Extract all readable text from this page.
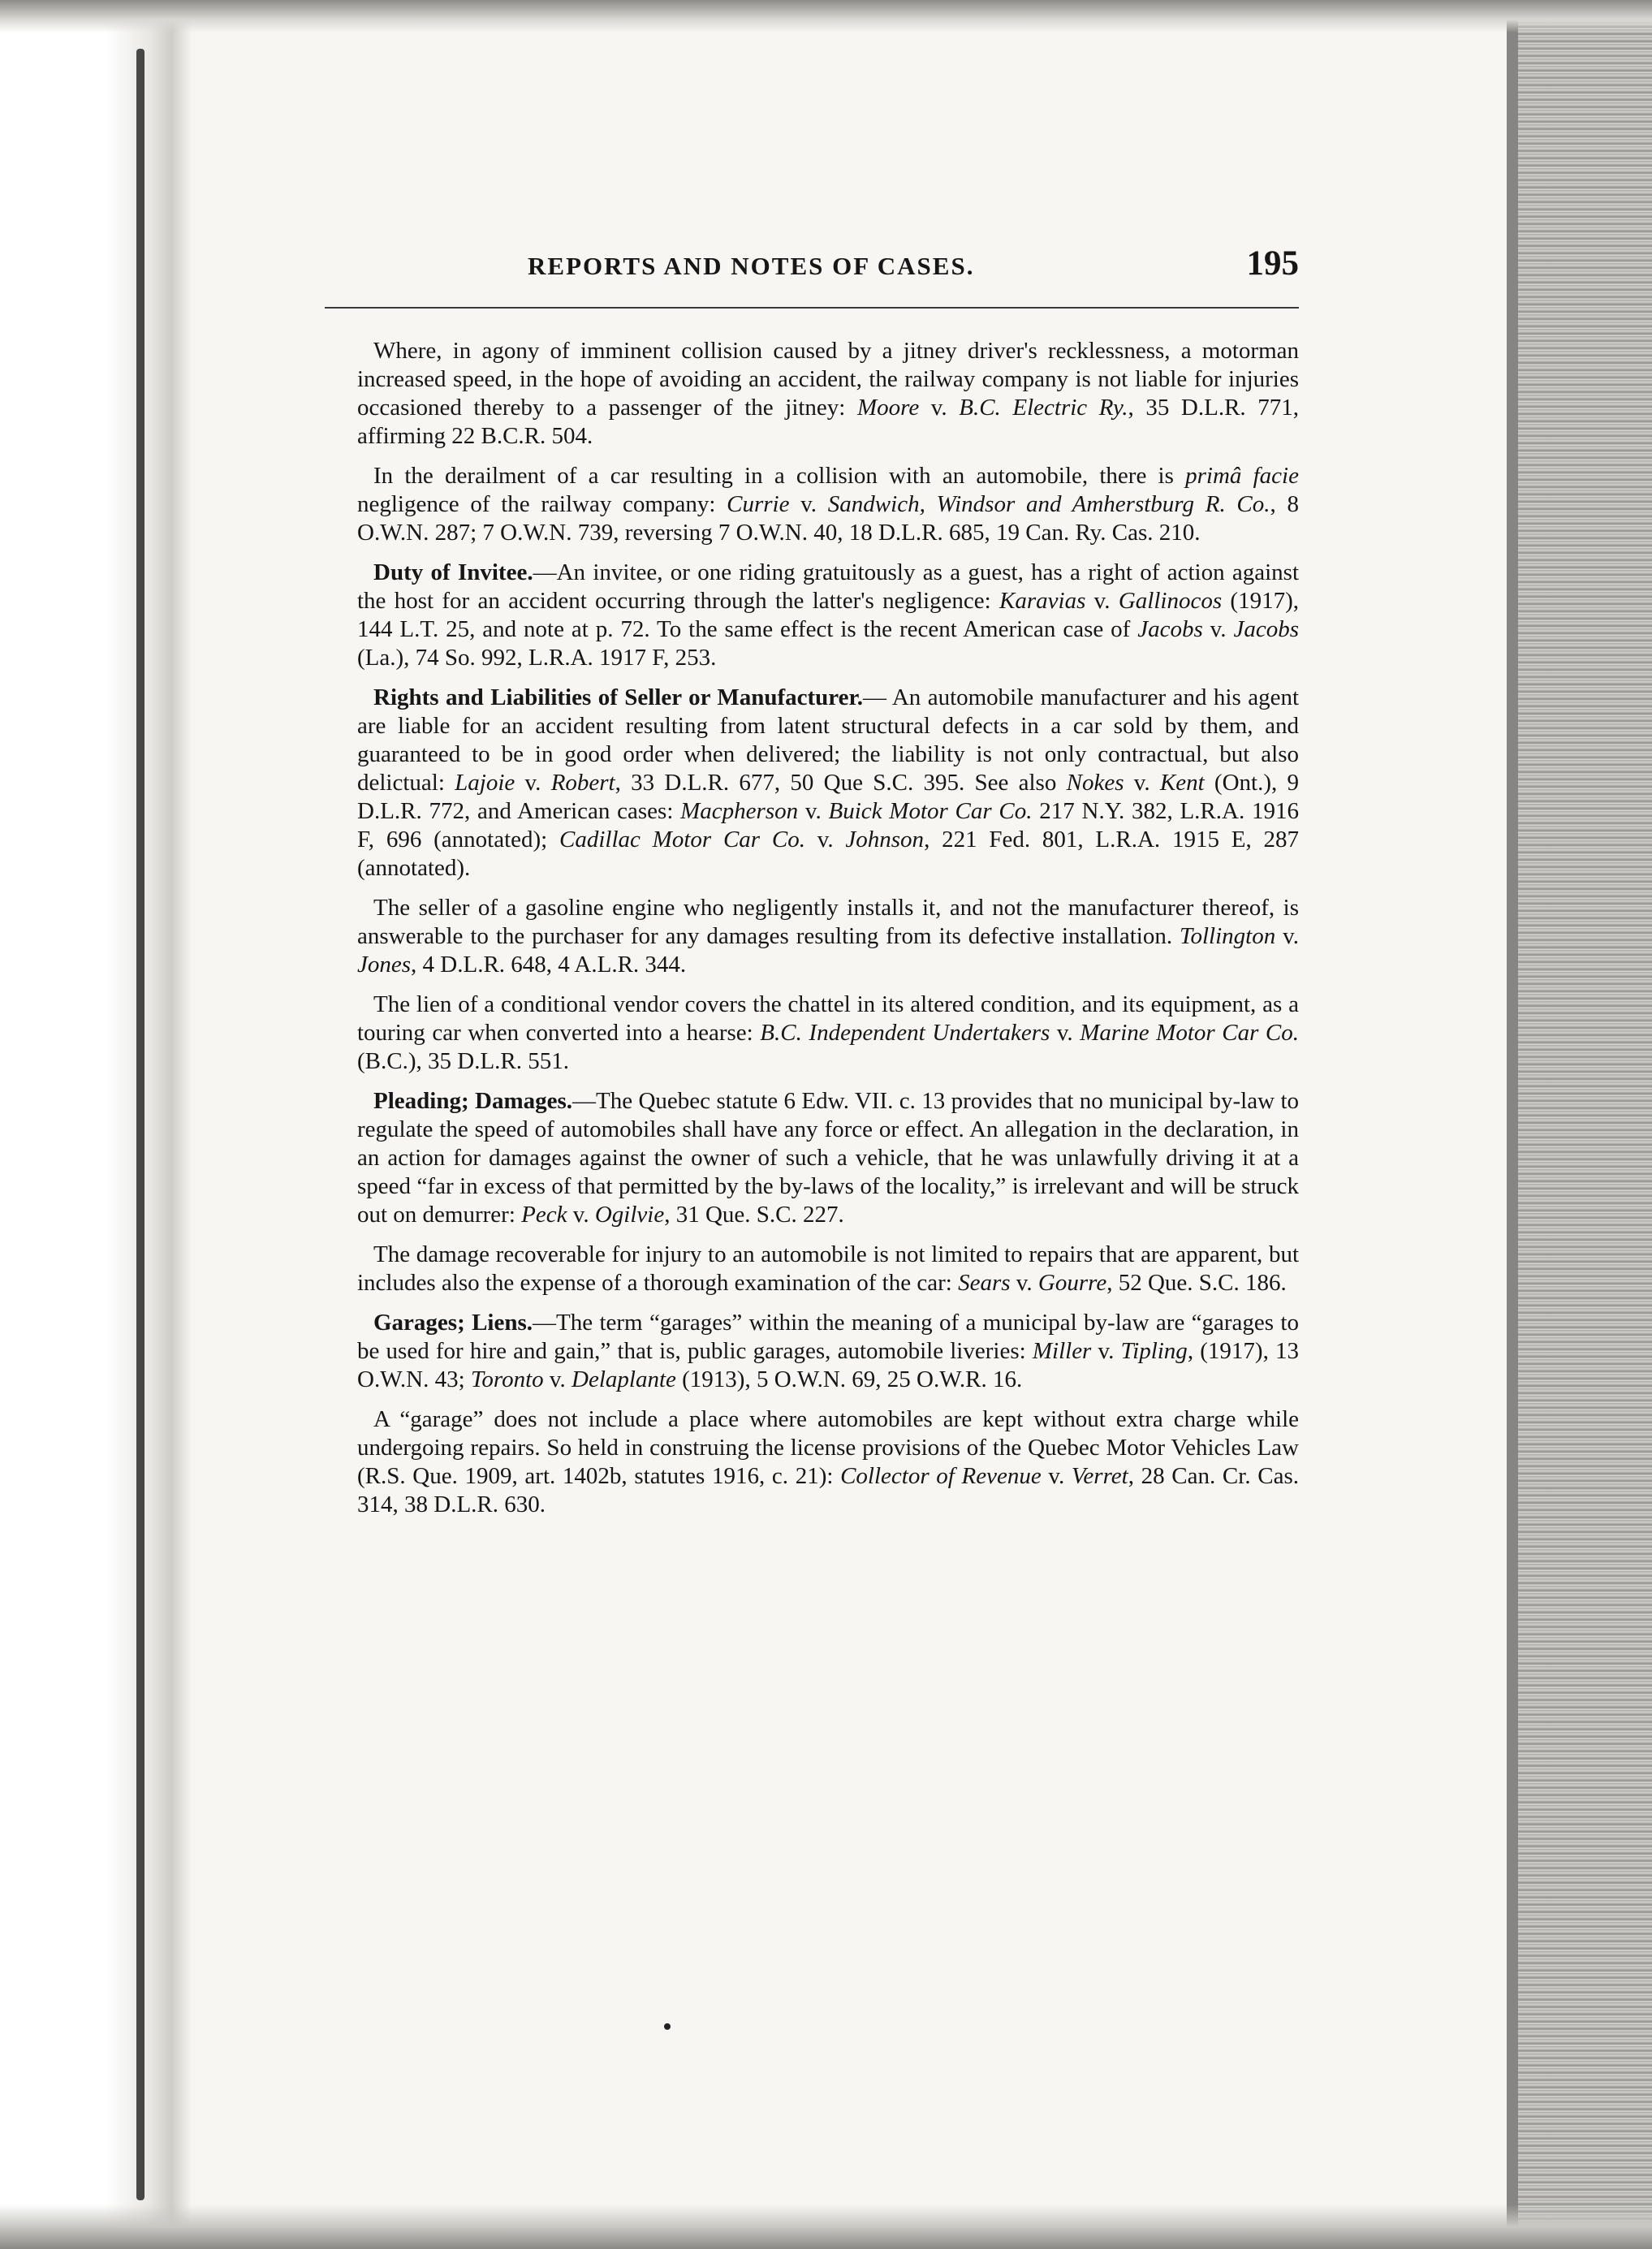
REPORTS AND NOTES OF CASES.	195

Where, in agony of imminent collision caused by a jitney driver's recklessness, a motorman increased speed, in the hope of avoiding an accident, the railway company is not liable for injuries occasioned thereby to a passenger of the jitney: Moore v. B.C. Electric Ry., 35 D.L.R. 771, affirming 22 B.C.R. 504.

In the derailment of a car resulting in a collision with an automobile, there is primâ facie negligence of the railway company: Currie v. Sandwich, Windsor and Amherstburg R. Co., 8 O.W.N. 287; 7 O.W.N. 739, reversing 7 O.W.N. 40, 18 D.L.R. 685, 19 Can. Ry. Cas. 210.

Duty of Invitee.—An invitee, or one riding gratuitously as a guest, has a right of action against the host for an accident occurring through the latter's negligence: Karavias v. Gallinocos (1917), 144 L.T. 25, and note at p. 72. To the same effect is the recent American case of Jacobs v. Jacobs (La.), 74 So. 992, L.R.A. 1917 F, 253.

Rights and Liabilities of Seller or Manufacturer.— An automobile manufacturer and his agent are liable for an accident resulting from latent structural defects in a car sold by them, and guaranteed to be in good order when delivered; the liability is not only contractual, but also delictual: Lajoie v. Robert, 33 D.L.R. 677, 50 Que S.C. 395. See also Nokes v. Kent (Ont.), 9 D.L.R. 772, and American cases: Macpherson v. Buick Motor Car Co. 217 N.Y. 382, L.R.A. 1916 F, 696 (annotated); Cadillac Motor Car Co. v. Johnson, 221 Fed. 801, L.R.A. 1915 E, 287 (annotated).

The seller of a gasoline engine who negligently installs it, and not the manufacturer thereof, is answerable to the purchaser for any damages resulting from its defective installation. Tollington v. Jones, 4 D.L.R. 648, 4 A.L.R. 344.

The lien of a conditional vendor covers the chattel in its altered condition, and its equipment, as a touring car when converted into a hearse: B.C. Independent Undertakers v. Marine Motor Car Co. (B.C.), 35 D.L.R. 551.

Pleading; Damages.—The Quebec statute 6 Edw. VII. c. 13 provides that no municipal by-law to regulate the speed of automobiles shall have any force or effect. An allegation in the declaration, in an action for damages against the owner of such a vehicle, that he was unlawfully driving it at a speed “far in excess of that permitted by the by-laws of the locality,” is irrelevant and will be struck out on demurrer: Peck v. Ogilvie, 31 Que. S.C. 227.

The damage recoverable for injury to an automobile is not limited to repairs that are apparent, but includes also the expense of a thorough examination of the car: Sears v. Gourre, 52 Que. S.C. 186.

Garages; Liens.—The term “garages” within the meaning of a municipal by-law are “garages to be used for hire and gain,” that is, public garages, automobile liveries: Miller v. Tipling, (1917), 13 O.W.N. 43; Toronto v. Delaplante (1913), 5 O.W.N. 69, 25 O.W.R. 16.

A “garage” does not include a place where automobiles are kept without extra charge while undergoing repairs. So held in construing the license provisions of the Quebec Motor Vehicles Law (R.S. Que. 1909, art. 1402b, statutes 1916, c. 21): Collector of Revenue v. Verret, 28 Can. Cr. Cas. 314, 38 D.L.R. 630.
